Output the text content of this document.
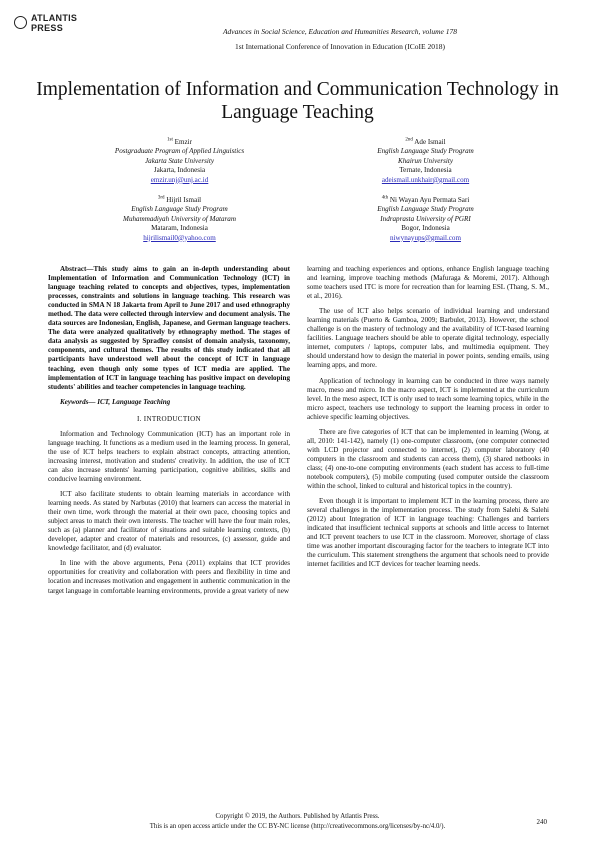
ATLANTIS
PRESS	Advances in Social Science, Education and Humanities Research, volume 178
1st International Conference of Innovation in Education (ICoIE 2018)
Implementation of Information and Communication Technology in Language Teaching
$^{1st}$ Emzir
Postgraduate Program of Applied Linguistics
Jakarta State University
Jakarta, Indonesia
emzir.unj@unj.ac.id
$^{2nd}$ Ade Ismail
English Language Study Program
Khairun University
Ternate, Indonesia
adeismail.unkhair@gmail.com
$^{3rd}$ Hijril Ismail
English Language Study Program
Muhammadiyah University of Mataram
Mataram, Indonesia
hijrilismail0@yahoo.com
$^{4th}$ Ni Wayan Ayu Permata Sari
English Language Study Program
Indraprasta University of PGRI
Bogor, Indonesia
niwynayups@gmail.com

Abstract—This study aims to gain an in-depth understanding about Implementation of Information and Communication Technology (ICT) in language teaching related to concepts and objectives, types, implementation processes, constraints and solutions in language teaching. This research was conducted in SMA N 18 Jakarta from April to June 2017 and used ethnography method. The data were collected through interview and document analysis. The data sources are Indonesian, English, Japanese, and German language teachers. The data were analyzed qualitatively by ethnography method. The stages of data analysis as suggested by Spradley consist of domain analysis, taxonomy, components, and cultural themes. The results of this study indicated that all participants have understood well about the concept of ICT in language teaching, even though only some types of ICT media are applied. The implementation of ICT in language teaching has positive impact on developing students' abilities and teacher competencies in language teaching.

Keywords— ICT, Language Teaching

I. INTRODUCTION

Information and Technology Communication (ICT) has an important role in language teaching. It functions as a medium used in the learning process. In general, the use of ICT helps teachers to explain abstract concepts, attracting attention, increasing interest, motivation and students' creativity. In addition, the use of ICT can also increase students' learning participation, cognitive abilities, skills and conducive learning environment.

ICT also facilitate students to obtain learning materials in accordance with learning needs. As stated by Narbutas (2010) that learners can access the material in their own time, work through the material at their own pace, choosing topics and subject areas to match their own interests. The teacher will have the four main roles, such as (a) planner and facilitator of situations and suitable learning contexts, (b) developer, adapter and creator of materials and resources, (c) assessor, guide and knowledge facilitator, and (d) evaluator.

In line with the above arguments, Pena (2011) explains that ICT provides opportunities for creativity and collaboration with peers and flexibility in time and location and increases motivation and engagement in authentic communication in the target language in comfortable learning environments, provide a great variety of new

learning and teaching experiences and options, enhance English language teaching and learning, improve teaching methods (Mafuraga & Moremi, 2017). Although some teachers used ITC is more for recreation than for learning ESL (Thang, S. M., et al., 2016).

The use of ICT also helps scenario of individual learning and understand learning materials (Puerto & Gamboa, 2009; Barbulet, 2013). However, the school challenge is on the mastery of technology and the availability of ICT-based learning facilities. Language teachers should be able to operate digital technology, especially internet, computers / laptops, computer labs, and multimedia equipment. They should understand how to design the material in power points, sending emails, using learning apps, and more.

Application of technology in learning can be conducted in three ways namely macro, meso and micro. In the macro aspect, ICT is implemented at the curriculum level. In the meso aspect, ICT is only used to teach some learning topics, while in the micro aspect, teachers use technology to support the learning process in order to achieve specific learning objectives.

There are five categories of ICT that can be implemented in learning (Wong, at all, 2010: 141-142), namely (1) one-computer classroom, (one computer connected with LCD projector and connected to internet), (2) computer laboratory (40 computers in the classroom and students can access them), (3) shared netbooks in class; (4) one-to-one computing environments (each student has access to full-time notebook computers), (5) mobile computing (used computer outside the classroom within the school, linked to cultural and historical topics in the country).

Even though it is important to implement ICT in the learning process, there are several challenges in the implementation process. The study from Salehi & Salehi (2012) about Integration of ICT in language teaching: Challenges and barriers indicated that insufficient technical supports at schools and little access to Internet and ICT prevent teachers to use ICT in the classroom. Moreover, shortage of class time was another important discouraging factor for the teachers to integrate ICT into the curriculum. This statement strengthens the argument that schools need to provide internet facilities and ICT devices for teacher learning needs.

Copyright © 2019, the Authors. Published by Atlantis Press.
This is an open access article under the CC BY-NC license (http://creativecommons.org/licenses/by-nc/4.0/).
240
